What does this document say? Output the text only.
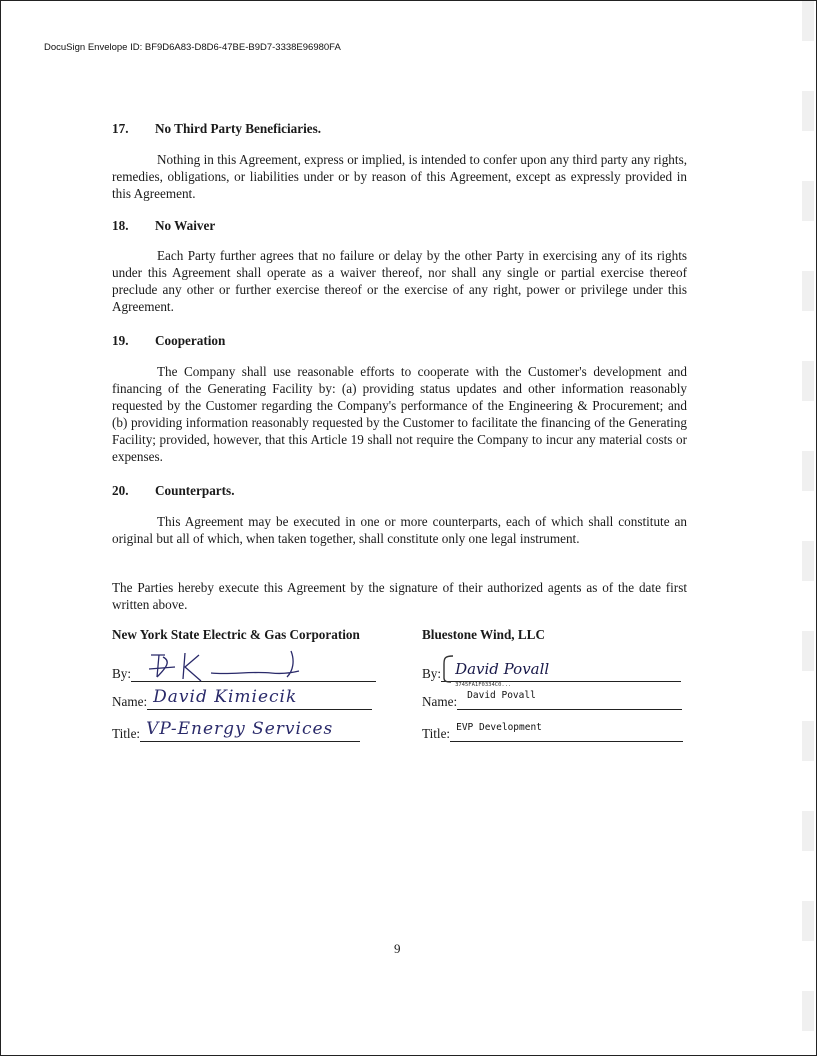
DocuSign Envelope ID: BF9D6A83-D8D6-47BE-B9D7-3338E96980FA

17. No Third Party Beneficiaries.

Nothing in this Agreement, express or implied, is intended to confer upon any third party any rights, remedies, obligations, or liabilities under or by reason of this Agreement, except as expressly provided in this Agreement.

18. No Waiver

Each Party further agrees that no failure or delay by the other Party in exercising any of its rights under this Agreement shall operate as a waiver thereof, nor shall any single or partial exercise thereof preclude any other or further exercise thereof or the exercise of any right, power or privilege under this Agreement.

19. Cooperation

The Company shall use reasonable efforts to cooperate with the Customer's development and financing of the Generating Facility by: (a) providing status updates and other information reasonably requested by the Customer regarding the Company's performance of the Engineering & Procurement; and (b) providing information reasonably requested by the Customer to facilitate the financing of the Generating Facility; provided, however, that this Article 19 shall not require the Company to incur any material costs or expenses.

20. Counterparts.

This Agreement may be executed in one or more counterparts, each of which shall constitute an original but all of which, when taken together, shall constitute only one legal instrument.

The Parties hereby execute this Agreement by the signature of their authorized agents as of the date first written above.

New York State Electric & Gas Corporation
By:
Name: David Kimiecik
Title: VP-Energy Services
Bluestone Wind, LLC
By: David Povall
3745FA1F0334C0...
Name: David Povall
Title: EVP Development
9
